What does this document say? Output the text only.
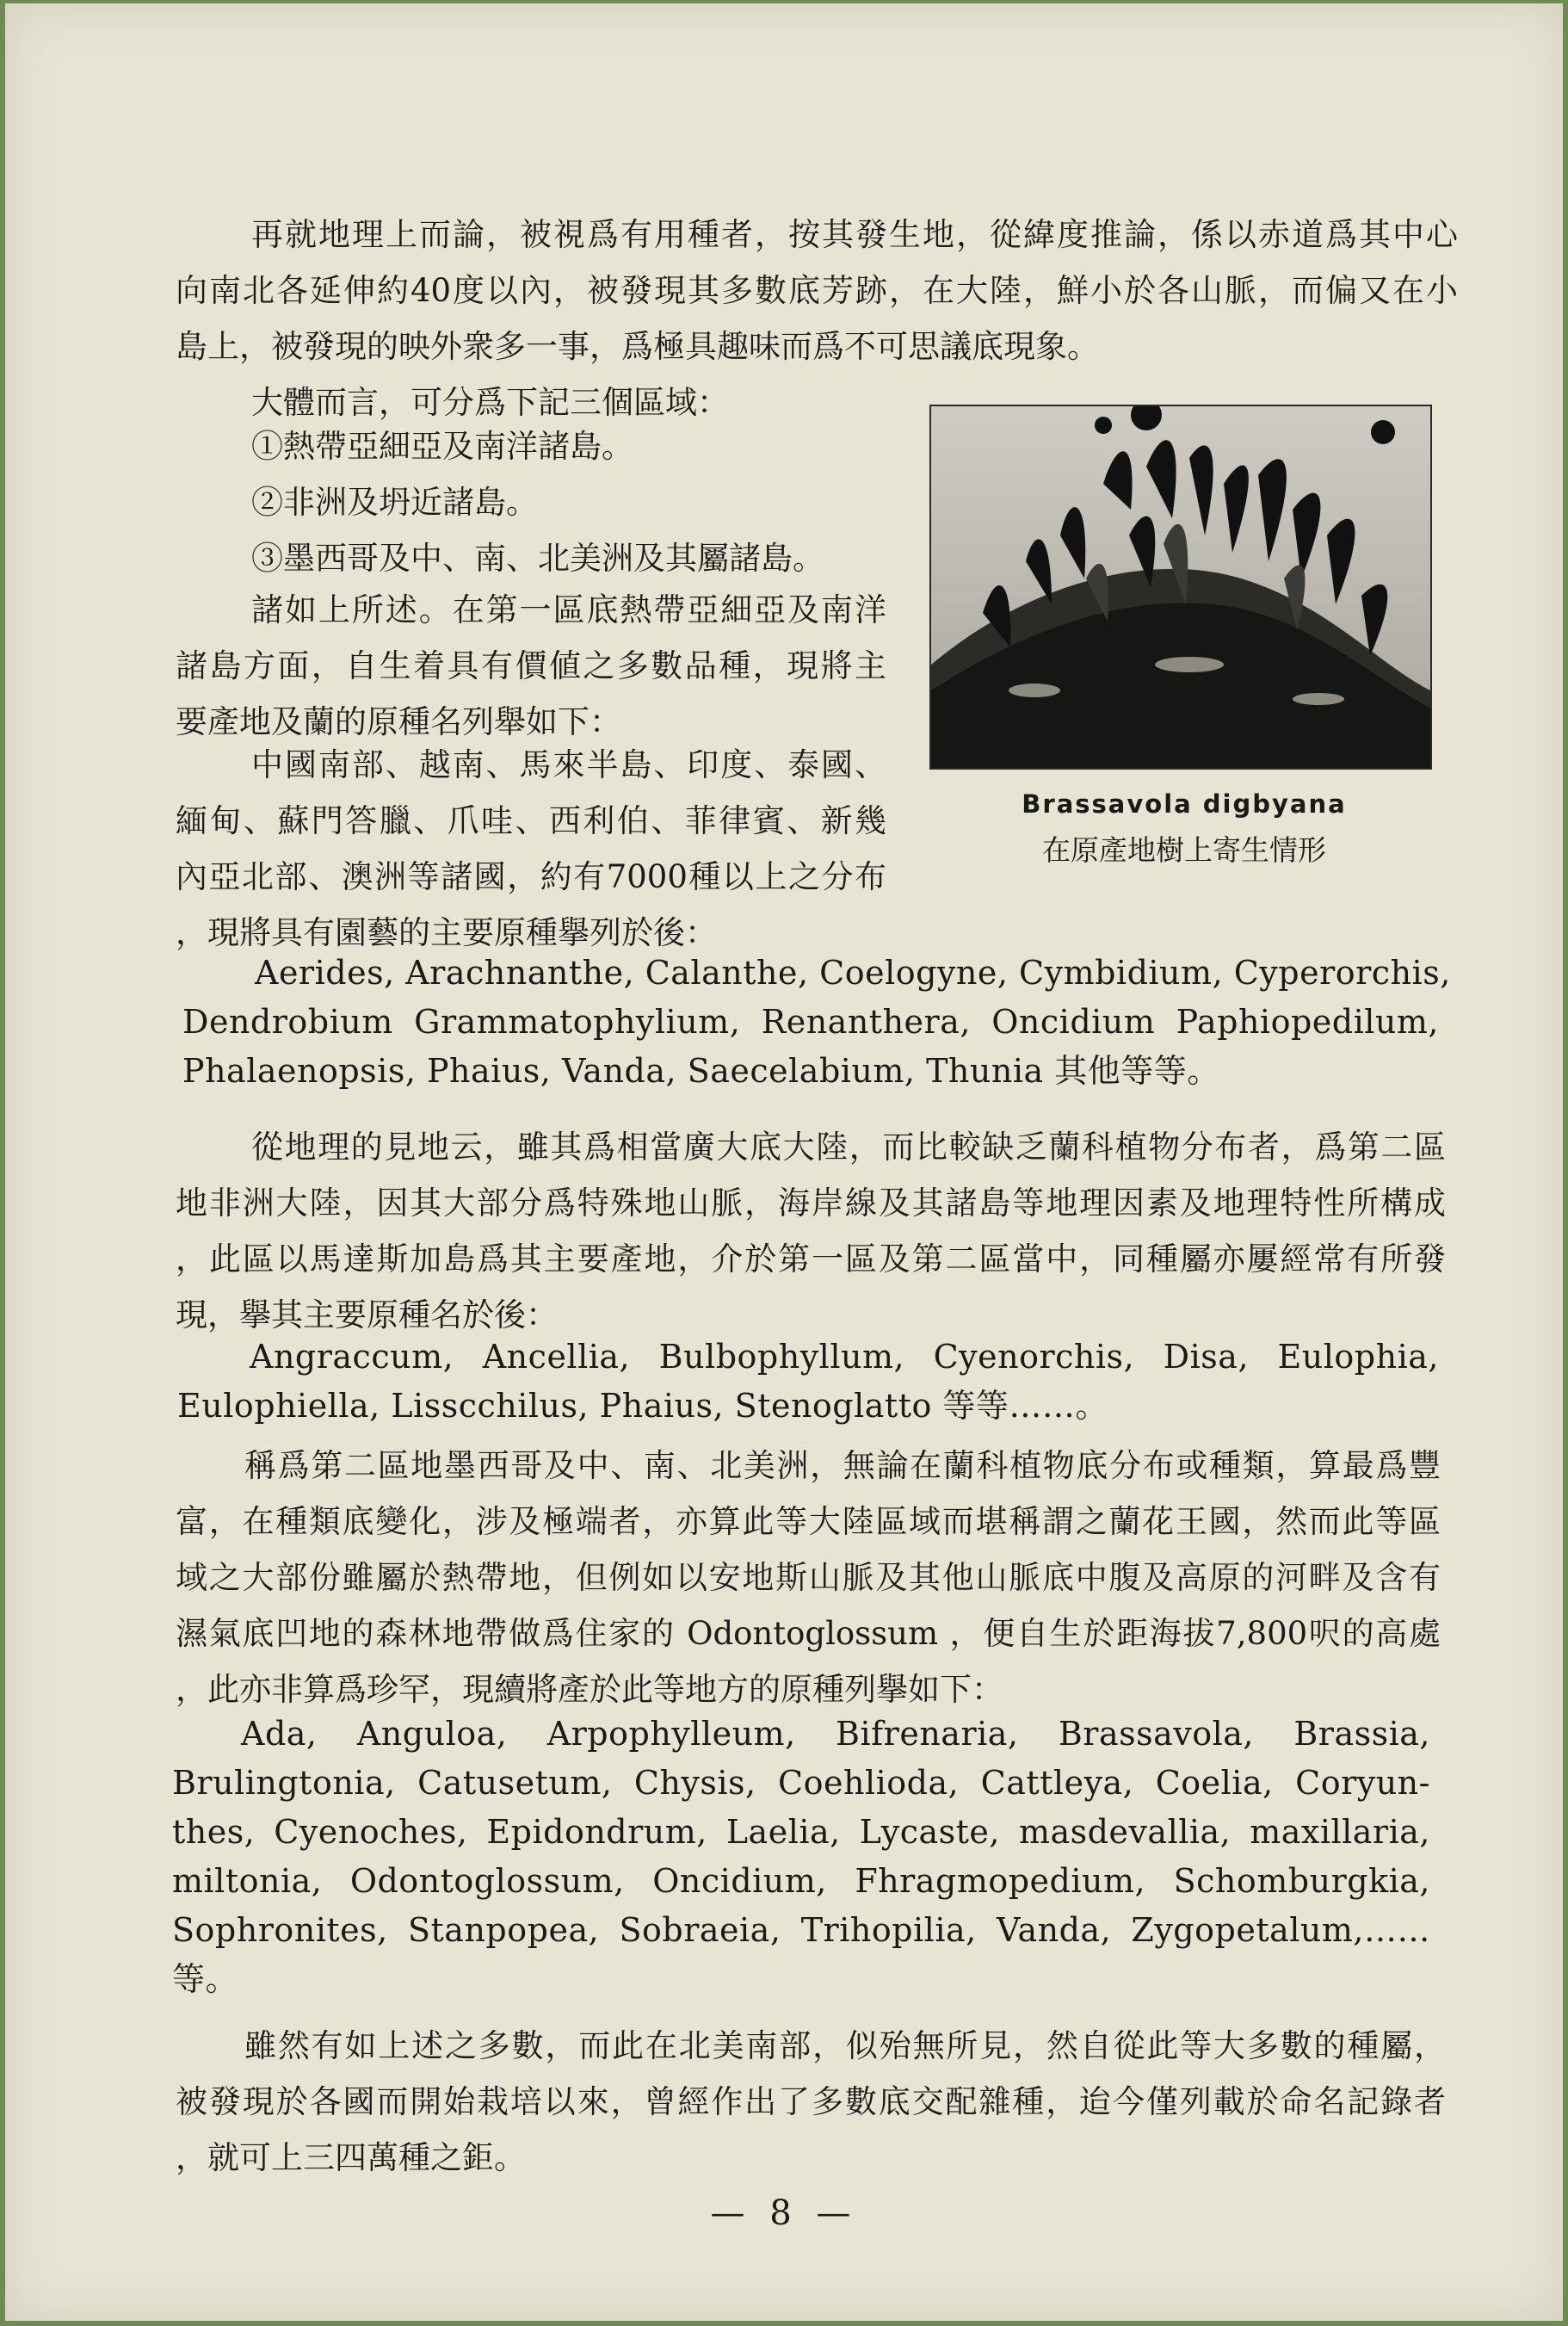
再就地理上而論，被視爲有用種者，按其發生地，從緯度推論，係以赤道爲其中心
向南北各延伸約40度以內，被發現其多數底芳跡，在大陸，鮮小於各山脈，而偏又在小
島上，被發現的映外衆多一事，爲極具趣味而爲不可思議底現象。
大體而言，可分爲下記三個區域：
①熱帶亞細亞及南洋諸島。
②非洲及坍近諸島。
③墨西哥及中、南、北美洲及其屬諸島。
諸如上所述。在第一區底熱帶亞細亞及南洋
諸島方面，自生着具有價値之多數品種，現將主
要產地及蘭的原種名列舉如下：
中國南部、越南、馬來半島、印度、泰國、
緬甸、蘇門答臘、爪哇、西利伯、菲律賓、新幾
內亞北部、澳洲等諸國，約有7000種以上之分布
，現將具有園藝的主要原種擧列於後：
Brassavola digbyana
在原產地樹上寄生情形
Aerides, Arachnanthe, Calanthe, Coelogyne, Cymbidium, Cyperorchis,
Dendrobium Grammatophylium, Renanthera, Oncidium Paphiopedilum,
Phalaenopsis, Phaius, Vanda, Saecelabium, Thunia 其他等等。
從地理的見地云，雖其爲相當廣大底大陸，而比較缺乏蘭科植物分布者，爲第二區
地非洲大陸，因其大部分爲特殊地山脈，海岸線及其諸島等地理因素及地理特性所構成
，此區以馬達斯加島爲其主要產地，介於第一區及第二區當中，同種屬亦屢經常有所發
現，擧其主要原種名於後：
Angraccum, Ancellia, Bulbophyllum, Cyenorchis, Disa, Eulophia,
Eulophiella, Lisscchilus, Phaius, Stenoglatto 等等……。
稱爲第二區地墨西哥及中、南、北美洲，無論在蘭科植物底分布或種類，算最爲豐
富，在種類底變化，涉及極端者，亦算此等大陸區域而堪稱謂之蘭花王國，然而此等區
域之大部份雖屬於熱帶地，但例如以安地斯山脈及其他山脈底中腹及高原的河畔及含有
濕氣底凹地的森林地帶做爲住家的 Odontoglossum ，便自生於距海拔7,800呎的高處
，此亦非算爲珍罕，現續將產於此等地方的原種列擧如下：
Ada, Anguloa, Arpophylleum, Bifrenaria, Brassavola, Brassia,
Brulingtonia, Catusetum, Chysis, Coehlioda, Cattleya, Coelia, Coryun-
thes, Cyenoches, Epidondrum, Laelia, Lycaste, masdevallia, maxillaria,
miltonia, Odontoglossum, Oncidium, Fhragmopedium, Schomburgkia,
Sophronites, Stanpopea, Sobraeia, Trihopilia, Vanda, Zygopetalum,……
等。
雖然有如上述之多數，而此在北美南部，似殆無所見，然自從此等大多數的種屬，
被發現於各國而開始栽培以來，曾經作出了多數底交配雜種，迨今僅列載於命名記錄者
，就可上三四萬種之鉅。
— 8 —
